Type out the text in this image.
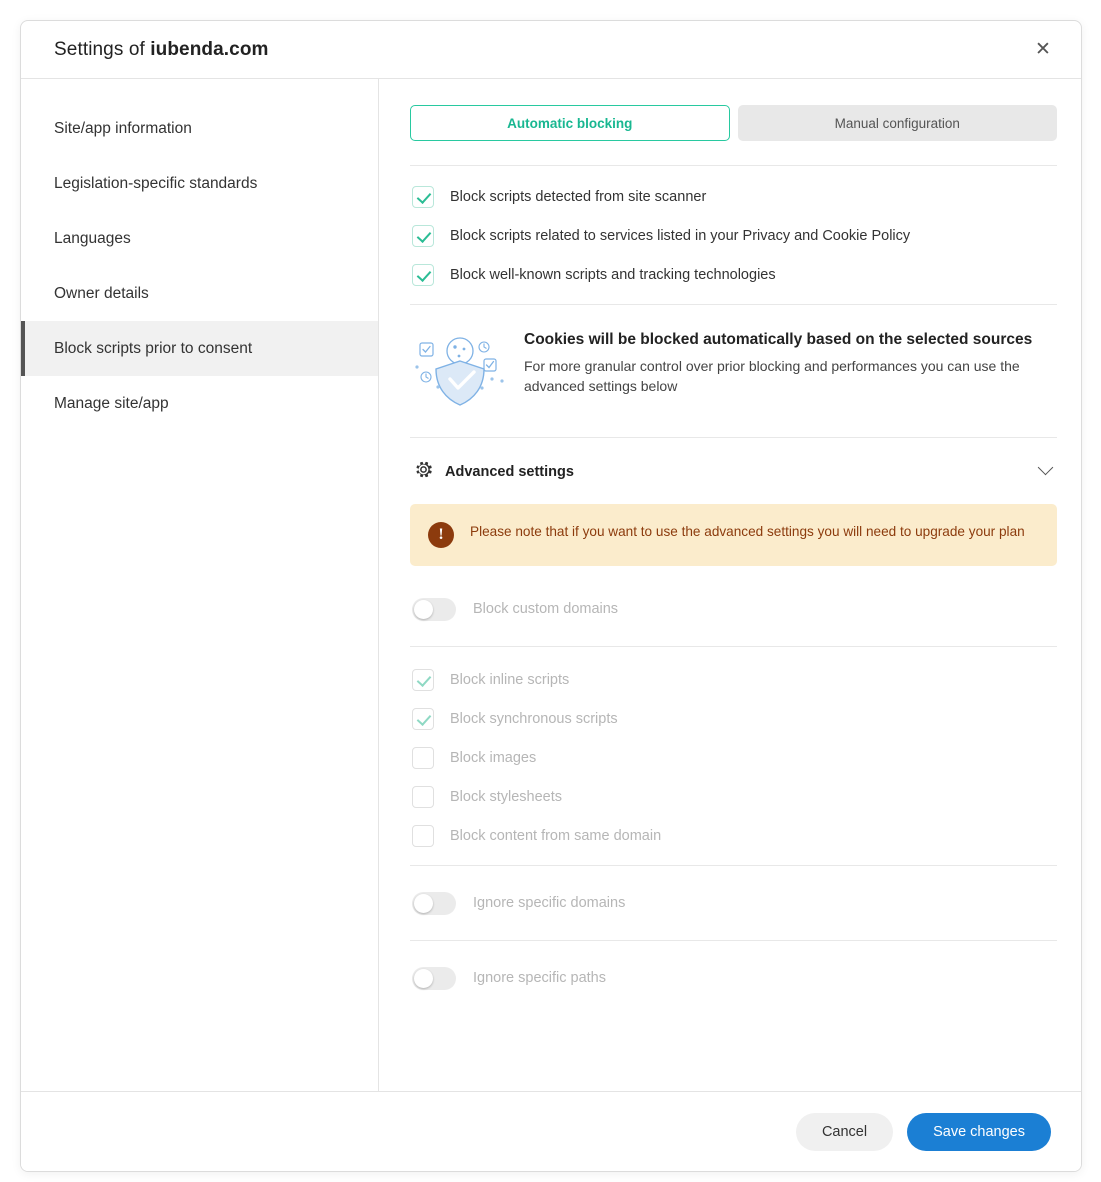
Settings of iubenda.com	✕
Site/app information
Legislation-specific standards
Languages
Owner details
Block scripts prior to consent
Manage site/app
Automatic blocking	Manual configuration
Block scripts detected from site scanner
Block scripts related to services listed in your Privacy and Cookie Policy
Block well-known scripts and tracking technologies
Cookies will be blocked automatically based on the selected sources
For more granular control over prior blocking and performances you can use the advanced settings below
Advanced settings
!	Please note that if you want to use the advanced settings you will need to upgrade your plan
Block custom domains
Block inline scripts
Block synchronous scripts
Block images
Block stylesheets
Block content from same domain
Ignore specific domains
Ignore specific paths
Cancel	Save changes
